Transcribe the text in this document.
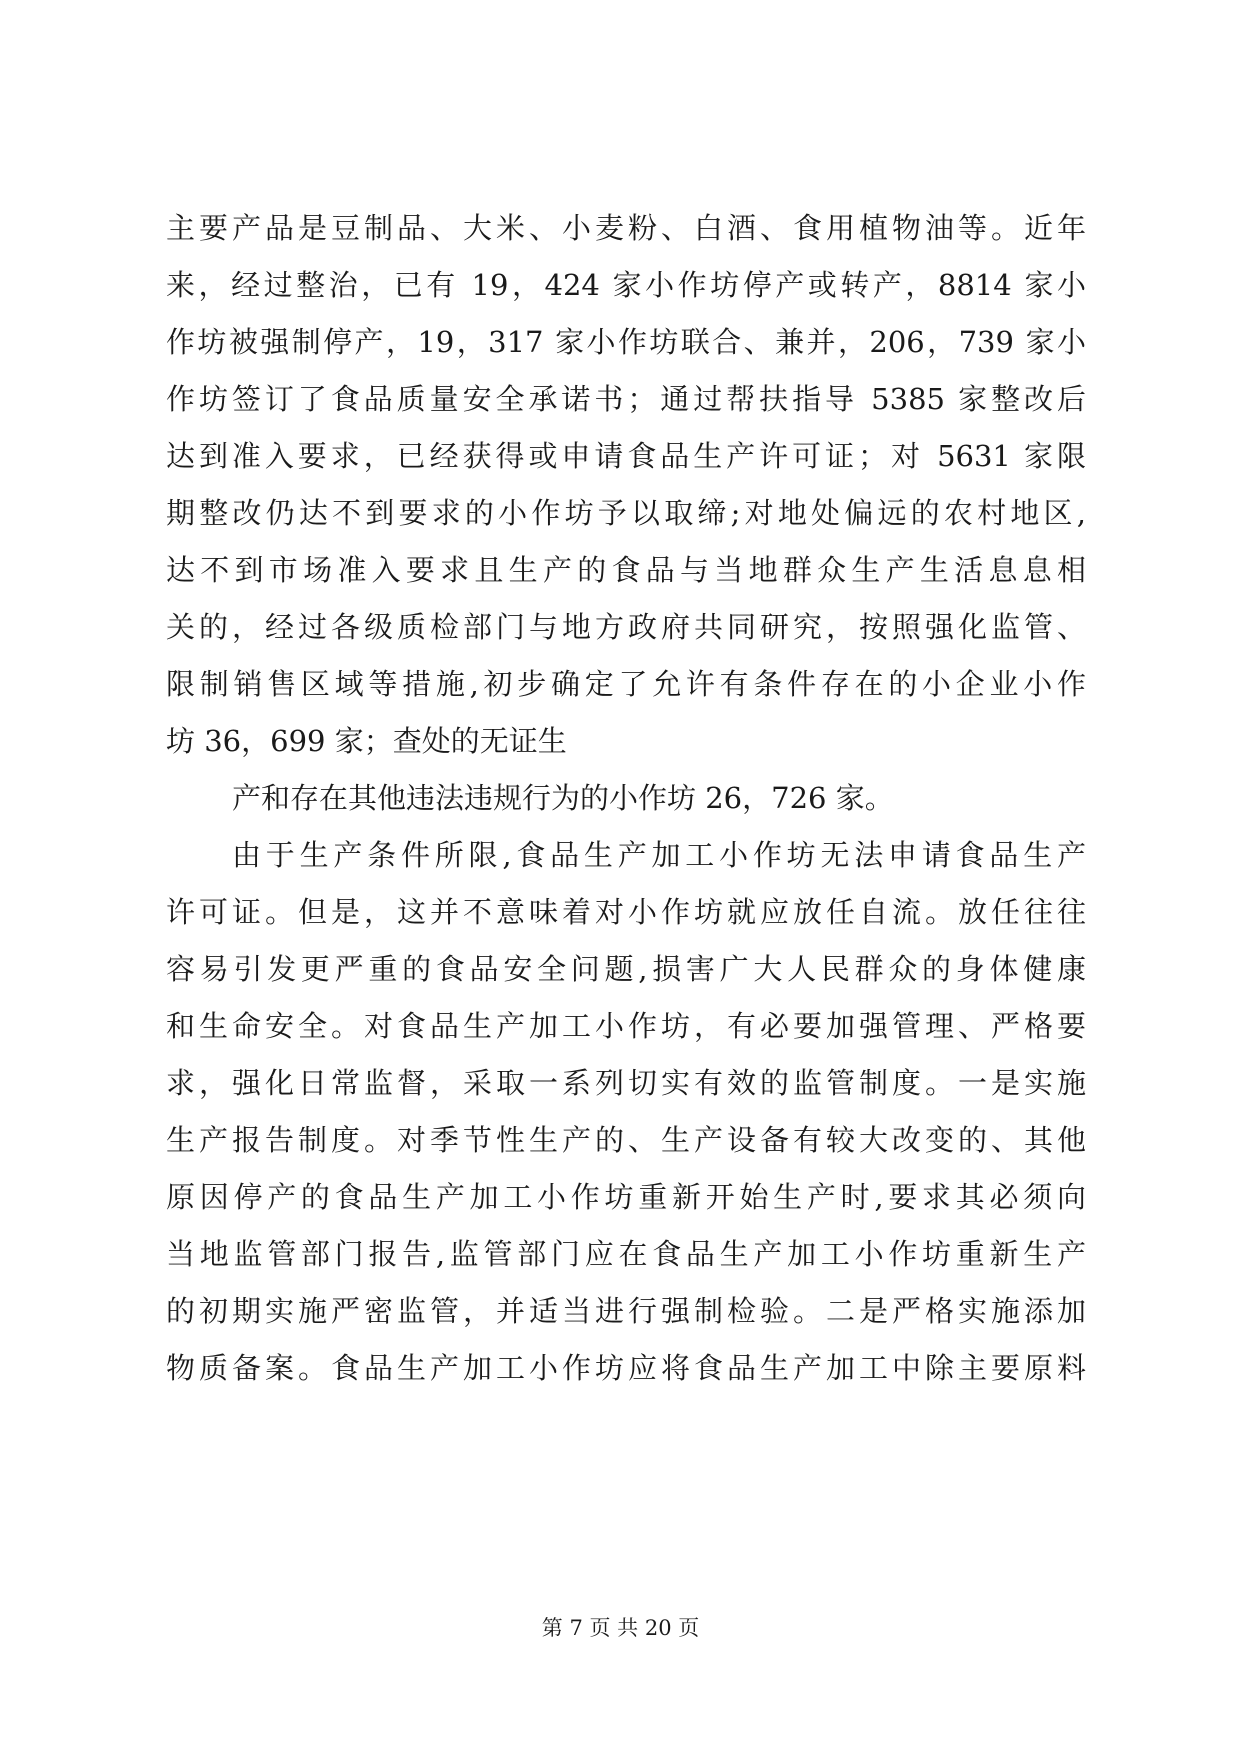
主要产品是豆制品、大米、小麦粉、白酒、食用植物油等。近年
来，经过整治，已有 19，424 家小作坊停产或转产，8814 家小
作坊被强制停产，19，317 家小作坊联合、兼并，206，739 家小
作坊签订了食品质量安全承诺书；通过帮扶指导 5385 家整改后
达到准入要求，已经获得或申请食品生产许可证；对 5631 家限
期整改仍达不到要求的小作坊予以取缔;对地处偏远的农村地区,
达不到市场准入要求且生产的食品与当地群众生产生活息息相
关的，经过各级质检部门与地方政府共同研究，按照强化监管、
限制销售区域等措施,初步确定了允许有条件存在的小企业小作
坊 36，699 家；查处的无证生
产和存在其他违法违规行为的小作坊 26，726 家。
由于生产条件所限,食品生产加工小作坊无法申请食品生产
许可证。但是，这并不意味着对小作坊就应放任自流。放任往往
容易引发更严重的食品安全问题,损害广大人民群众的身体健康
和生命安全。对食品生产加工小作坊，有必要加强管理、严格要
求，强化日常监督，采取一系列切实有效的监管制度。一是实施
生产报告制度。对季节性生产的、生产设备有较大改变的、其他
原因停产的食品生产加工小作坊重新开始生产时,要求其必须向
当地监管部门报告,监管部门应在食品生产加工小作坊重新生产
的初期实施严密监管，并适当进行强制检验。二是严格实施添加
物质备案。食品生产加工小作坊应将食品生产加工中除主要原料
第 7 页 共 20 页
